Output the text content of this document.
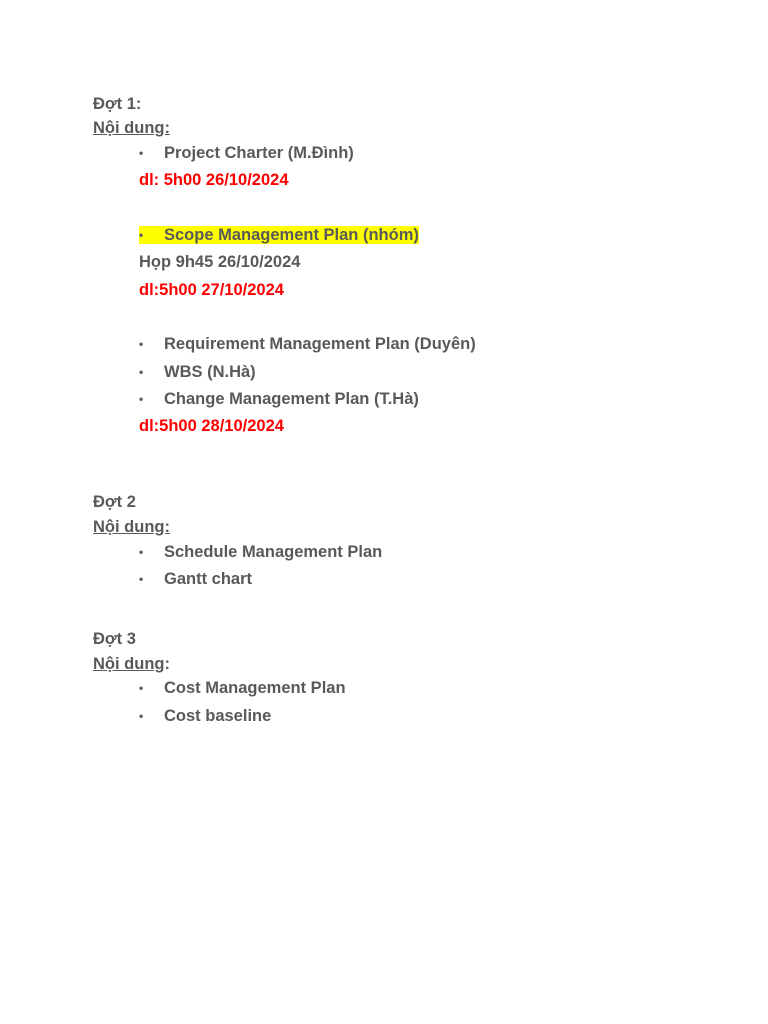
Đợt 1:
Nội dung:
• Project Charter (M.Đình)
dl: 5h00 26/10/2024
• Scope Management Plan (nhóm)
Họp 9h45 26/10/2024
dl:5h00 27/10/2024
• Requirement Management Plan (Duyên)
• WBS (N.Hà)
• Change Management Plan (T.Hà)
dl:5h00 28/10/2024
Đợt 2
Nội dung:
• Schedule Management Plan
• Gantt chart
Đợt 3
Nội dung:
• Cost Management Plan
• Cost baseline
